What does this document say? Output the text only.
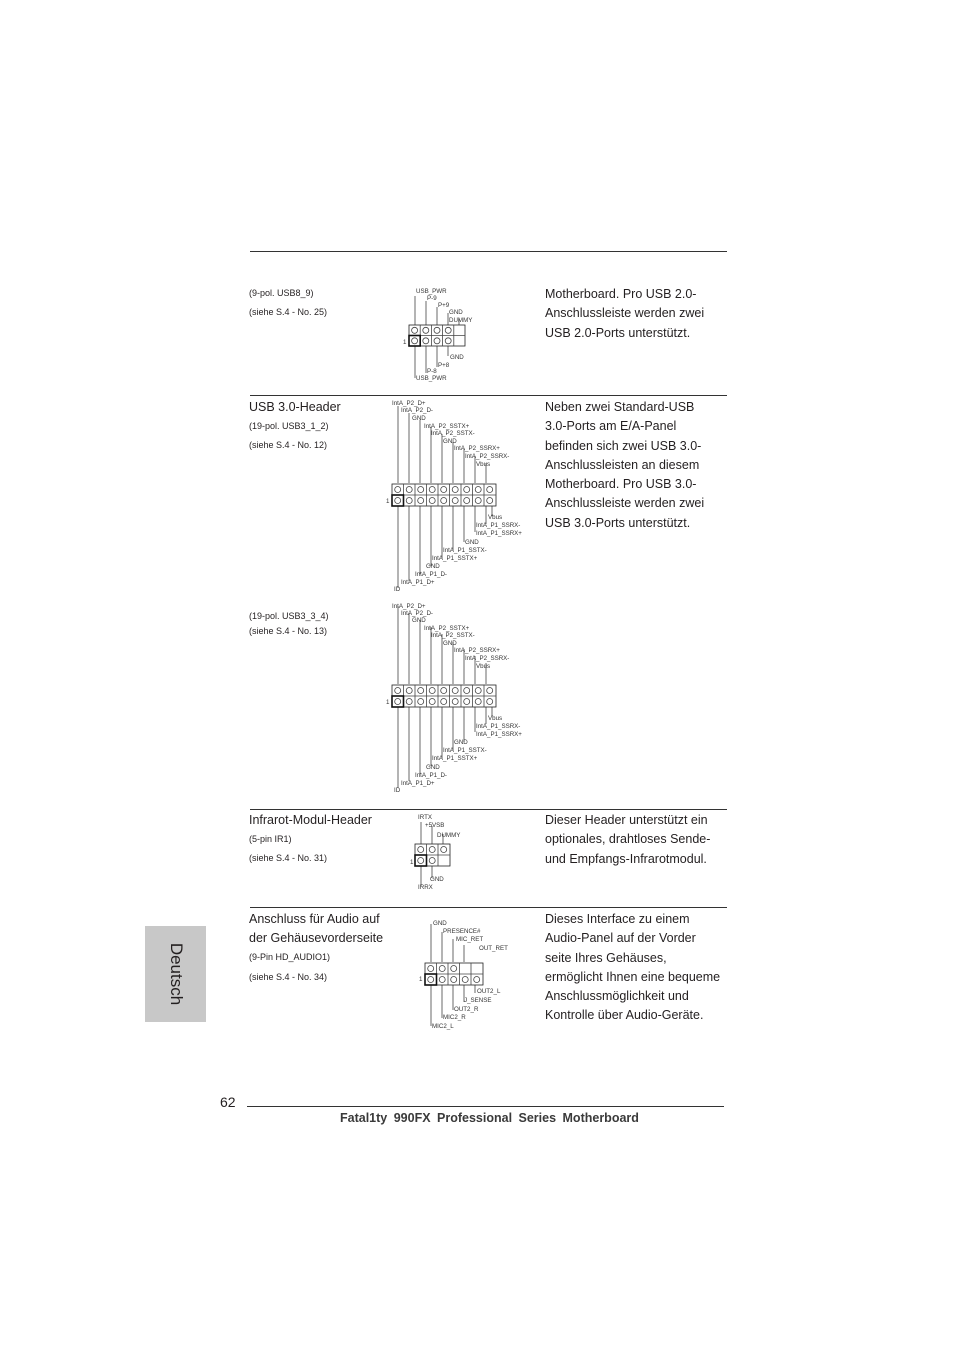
(9-pol. USB8_9)
(siehe S.4 - No. 25)
USB_PWR
P-9
P+9
GND
DUMMY
GND
P+8
P-8
USB_PWR
1
Motherboard. Pro USB 2.0-
Anschlussleiste werden zwei
USB 2.0-Ports unterstützt.
USB 3.0-Header
(19-pol. USB3_1_2)
(siehe S.4 - No. 12)
(19-pol. USB3_3_4)
(siehe S.4 - No. 13)
IntA_P2_D+
IntA_P2_D-
GND
IntA_P2_SSTX+
IntA_P2_SSTX-
GND
IntA_P2_SSRX+
IntA_P2_SSRX-
Vbus
Vbus
IntA_P1_SSRX-
IntA_P1_SSRX+
GND
IntA_P1_SSTX-
IntA_P1_SSTX+
GND
IntA_P1_D-
IntA_P1_D+
ID
1
IntA_P2_D+
IntA_P2_D-
GND
IntA_P2_SSTX+
IntA_P2_SSTX-
GND
IntA_P2_SSRX+
IntA_P2_SSRX-
Vbus
Vbus
IntA_P1_SSRX-
IntA_P1_SSRX+
GND
IntA_P1_SSTX-
IntA_P1_SSTX+
GND
IntA_P1_D-
IntA_P1_D+
ID
1
Neben zwei Standard-USB
3.0-Ports am E/A-Panel
befinden sich zwei USB 3.0-
Anschlussleisten an diesem
Motherboard. Pro USB 3.0-
Anschlussleiste werden zwei
USB 3.0-Ports unterstützt.
Infrarot-Modul-Header
(5-pin IR1)
(siehe S.4 - No. 31)
IRTX
+5VSB
DUMMY
GND
IRRX
1
Dieser Header unterstützt ein
optionales, drahtloses Sende-
und Empfangs-Infrarotmodul.
Anschluss für Audio auf
der Gehäusevorderseite
(9-Pin HD_AUDIO1)
(siehe S.4 - No. 34)
GND
PRESENCE#
MIC_RET
OUT_RET
OUT2_L
J_SENSE
OUT2_R
MIC2_R
MIC2_L
1
Dieses Interface zu einem
Audio-Panel auf der Vorder
seite Ihres Gehäuses,
ermöglicht Ihnen eine bequeme
Anschlussmöglichkeit und
Kontrolle über Audio-Geräte.
Deutsch
62
Fatal1ty 990FX Professional Series Motherboard
